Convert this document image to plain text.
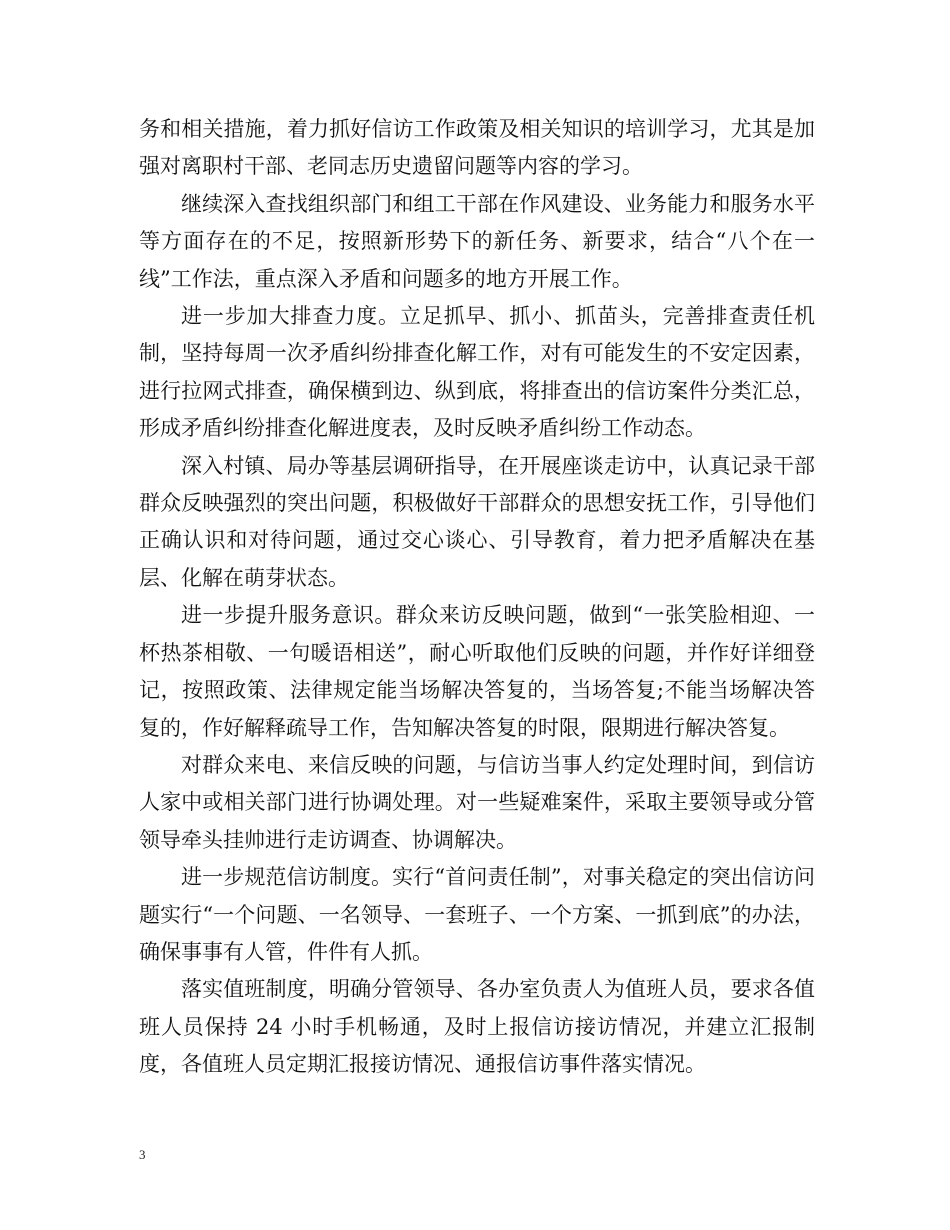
务和相关措施，着力抓好信访工作政策及相关知识的培训学习，尤其是加强对离职村干部、老同志历史遗留问题等内容的学习。

继续深入查找组织部门和组工干部在作风建设、业务能力和服务水平等方面存在的不足，按照新形势下的新任务、新要求，结合“八个在一线”工作法，重点深入矛盾和问题多的地方开展工作。

进一步加大排查力度。立足抓早、抓小、抓苗头，完善排查责任机制，坚持每周一次矛盾纠纷排查化解工作，对有可能发生的不安定因素，进行拉网式排查，确保横到边、纵到底，将排查出的信访案件分类汇总，形成矛盾纠纷排查化解进度表，及时反映矛盾纠纷工作动态。

深入村镇、局办等基层调研指导，在开展座谈走访中，认真记录干部群众反映强烈的突出问题，积极做好干部群众的思想安抚工作，引导他们正确认识和对待问题，通过交心谈心、引导教育，着力把矛盾解决在基层、化解在萌芽状态。

进一步提升服务意识。群众来访反映问题，做到“一张笑脸相迎、一杯热茶相敬、一句暖语相送”，耐心听取他们反映的问题，并作好详细登记，按照政策、法律规定能当场解决答复的，当场答复;不能当场解决答复的，作好解释疏导工作，告知解决答复的时限，限期进行解决答复。

对群众来电、来信反映的问题，与信访当事人约定处理时间，到信访人家中或相关部门进行协调处理。对一些疑难案件，采取主要领导或分管领导牵头挂帅进行走访调查、协调解决。

进一步规范信访制度。实行“首问责任制”，对事关稳定的突出信访问题实行“一个问题、一名领导、一套班子、一个方案、一抓到底”的办法，确保事事有人管，件件有人抓。

落实值班制度，明确分管领导、各办室负责人为值班人员，要求各值班人员保持 24 小时手机畅通，及时上报信访接访情况，并建立汇报制度，各值班人员定期汇报接访情况、通报信访事件落实情况。

3
